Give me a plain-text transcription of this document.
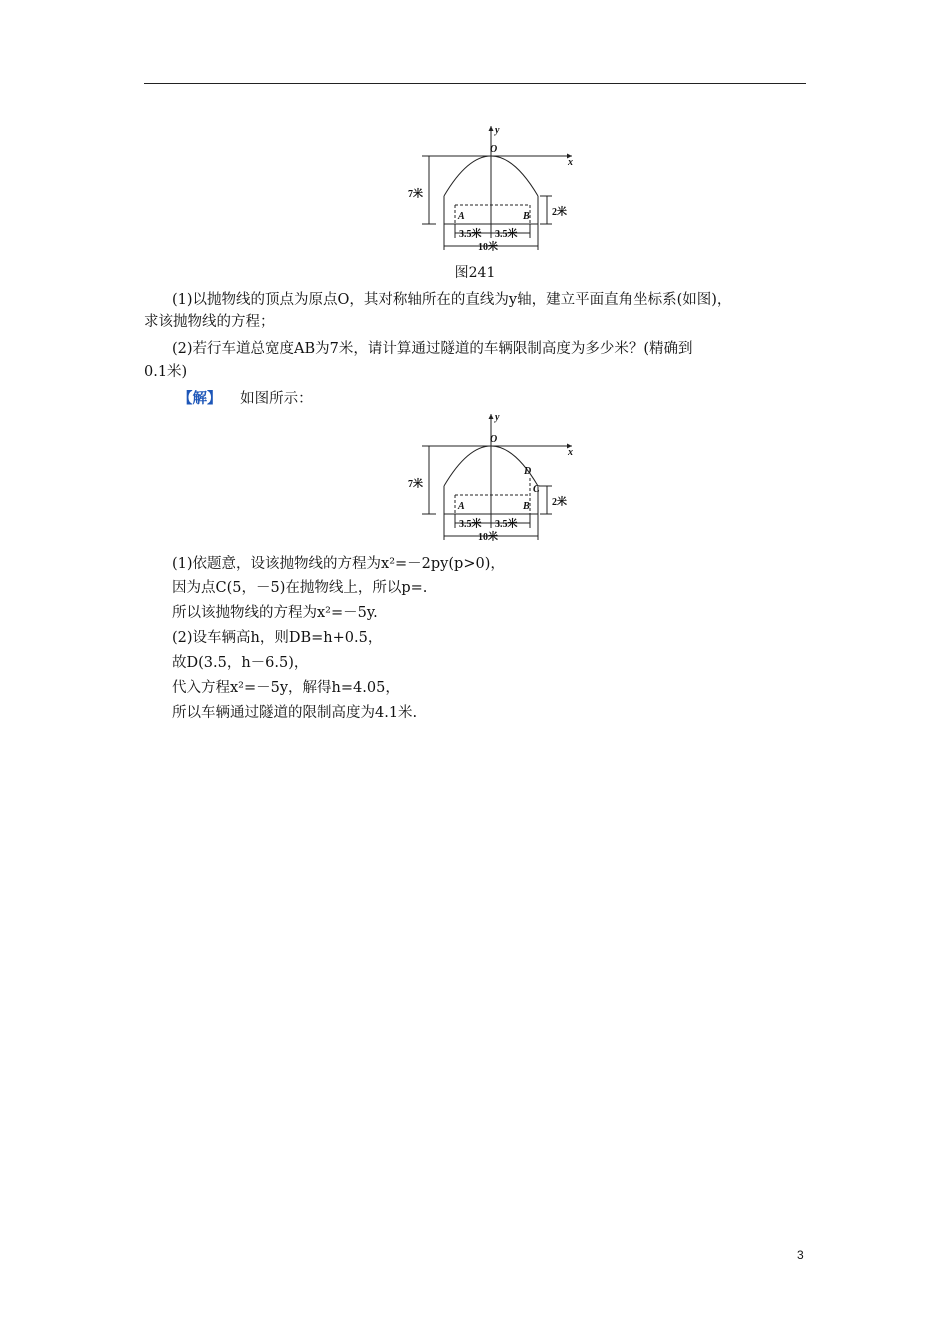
y
x
O
A	B
7米
2米
3.5米 3.5米
10米
图241
(1)以抛物线的顶点为原点O，其对称轴所在的直线为y轴，建立平面直角坐标系(如图)，
求该抛物线的方程；
(2)若行车道总宽度AB为7米，请计算通过隧道的车辆限制高度为多少米？(精确到
0.1米)
【解】 如图所示：
y
x
O
D
C
A	B
7米
2米
3.5米 3.5米
10米
(1)依题意，设该抛物线的方程为x²=－2py(p>0)，
因为点C(5，－5)在抛物线上，所以p=.
所以该抛物线的方程为x²=－5y.
(2)设车辆高h，则DB=h+0.5，
故D(3.5，h－6.5)，
代入方程x²=－5y，解得h=4.05，
所以车辆通过隧道的限制高度为4.1米.
3
